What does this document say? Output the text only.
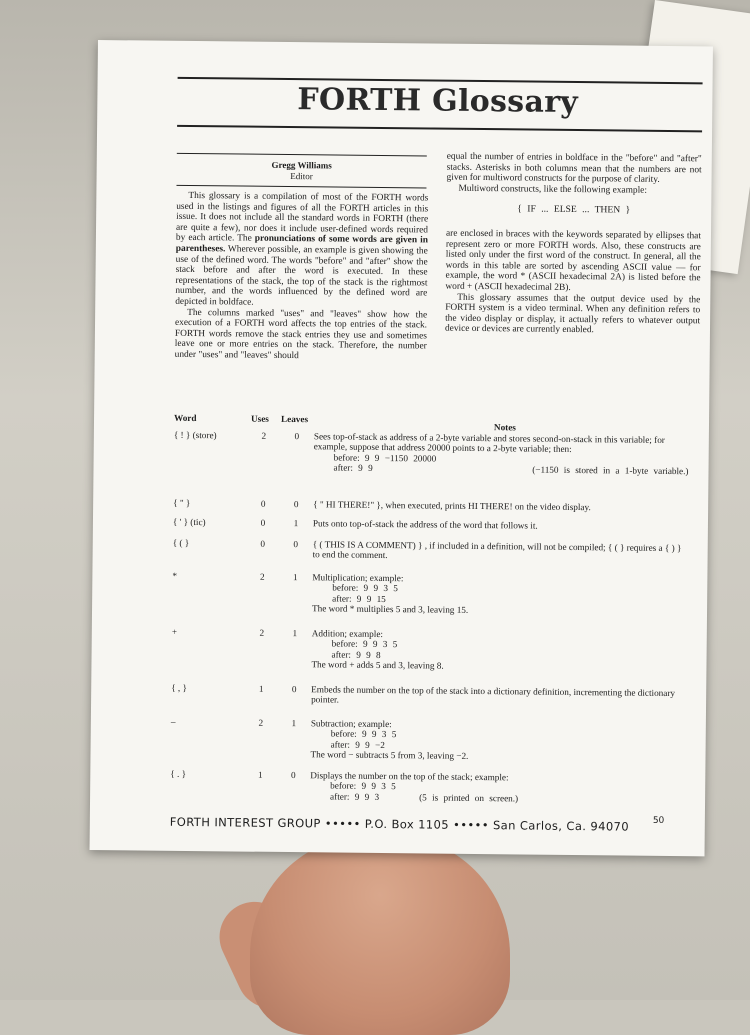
FORTH Glossary
Gregg Williams
Editor

This glossary is a compilation of most of the FORTH words used in the listings and figures of all the FORTH articles in this issue. It does not include all the standard words in FORTH (there are quite a few), nor does it include user-defined words required by each article. The pronunciations of some words are given in parentheses. Wherever possible, an example is given showing the use of the defined word. The words "before" and "after" show the stack before and after the word is executed. In these representations of the stack, the top of the stack is the rightmost number, and the words influenced by the defined word are depicted in boldface.

The columns marked "uses" and "leaves" show how the execution of a FORTH word affects the top entries of the stack. FORTH words remove the stack entries they use and sometimes leave one or more entries on the stack. Therefore, the number under "uses" and "leaves" should

equal the number of entries in boldface in the "before" and "after" stacks. Asterisks in both columns mean that the numbers are not given for multiword constructs for the purpose of clarity.

Multiword constructs, like the following example:

{ IF ... ELSE ... THEN }

are enclosed in braces with the keywords separated by ellipses that represent zero or more FORTH words. Also, these constructs are listed only under the first word of the construct. In general, all the words in this table are sorted by ascending ASCII value — for example, the word * (ASCII hexadecimal 2A) is listed before the word + (ASCII hexadecimal 2B).

This glossary assumes that the output device used by the FORTH system is a video terminal. When any definition refers to the video display or display, it actually refers to whatever output device or devices are currently enabled.

Word	Uses Leaves
Notes
{ ! } (store)	2	0	Sees top-of-stack as address of a 2-byte variable and stores second-on-stack in this variable; for example, suppose that address 20000 points to a 2-byte variable; then:
before: 9 9 −1150 20000
after: 9 9	(−1150 is stored in a 1-byte variable.)
{ " }	0	0	{ " HI THERE!" }, when executed, prints HI THERE! on the video display.
{ ' } (tic)	0	1	Puts onto top-of-stack the address of the word that follows it.
{ ( }	0	0	{ ( THIS IS A COMMENT) } , if included in a definition, will not be compiled; { ( } requires a { ) } to end the comment.
*	2	1	Multiplication; example:
before: 9 9 3 5
after: 9 9 15
The word * multiplies 5 and 3, leaving 15.
+	2	1	Addition; example:
before: 9 9 3 5
after: 9 9 8
The word + adds 5 and 3, leaving 8.
{ , }	1	0	Embeds the number on the top of the stack into a dictionary definition, incrementing the dictionary pointer.
–	2	1	Subtraction; example:
before: 9 9 3 5
after: 9 9 −2
The word − subtracts 5 from 3, leaving −2.
{ . }	1	0	Displays the number on the top of the stack; example:
before: 9 9 3 5
after: 9 9 3	(5 is printed on screen.)
FORTH INTEREST GROUP ••••• P.O. Box 1105 ••••• San Carlos, Ca. 94070	50
